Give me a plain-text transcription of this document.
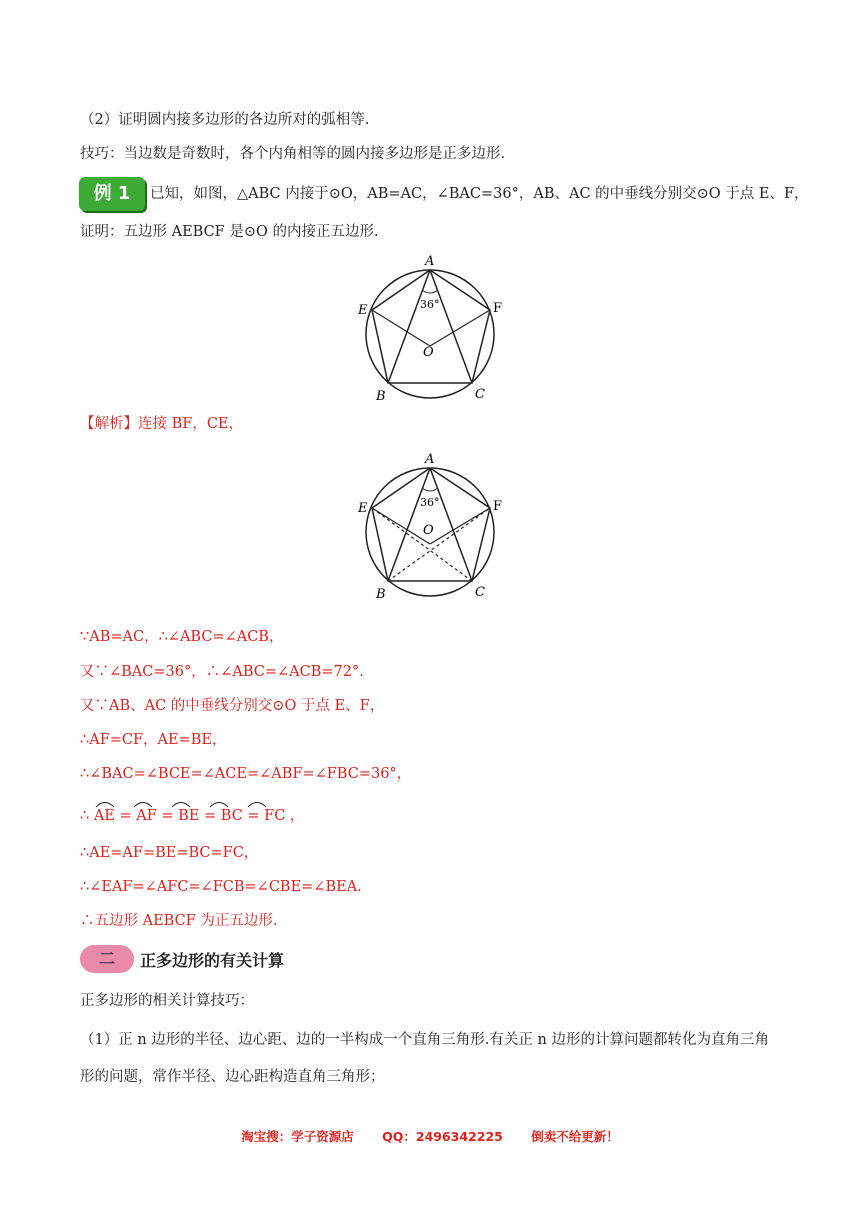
（2）证明圆内接多边形的各边所对的弧相等.
技巧：当边数是奇数时，各个内角相等的圆内接多边形是正多边形.
例 1	已知，如图，△ABC 内接于⊙O，AB=AC，∠BAC=36°，AB、AC 的中垂线分别交⊙O 于点 E、F，
证明：五边形 AEBCF 是⊙O 的内接正五边形.
A
E	F
B	C
O
36°
【解析】连接 BF，CE，
A
E	F
B	C
O
36°
∵AB=AC，∴∠ABC=∠ACB，
又∵∠BAC=36°，∴∠ABC=∠ACB=72°.
又∵AB、AC 的中垂线分别交⊙O 于点 E、F，
∴AF=CF，AE=BE，
∴∠BAC=∠BCE=∠ACE=∠ABF=∠FBC=36°，
∴ AE = AF = BE = BC = FC ，
∴AE=AF=BE=BC=FC，
∴∠EAF=∠AFC=∠FCB=∠CBE=∠BEA.
∴五边形 AEBCF 为正五边形.
二	正多边形的有关计算
正多边形的相关计算技巧：
（1）正 n 边形的半径、边心距、边的一半构成一个直角三角形.有关正 n 边形的计算问题都转化为直角三角
形的问题，常作半径、边心距构造直角三角形；
淘宝搜：学子资源店 QQ：2496342225 倒卖不给更新！
